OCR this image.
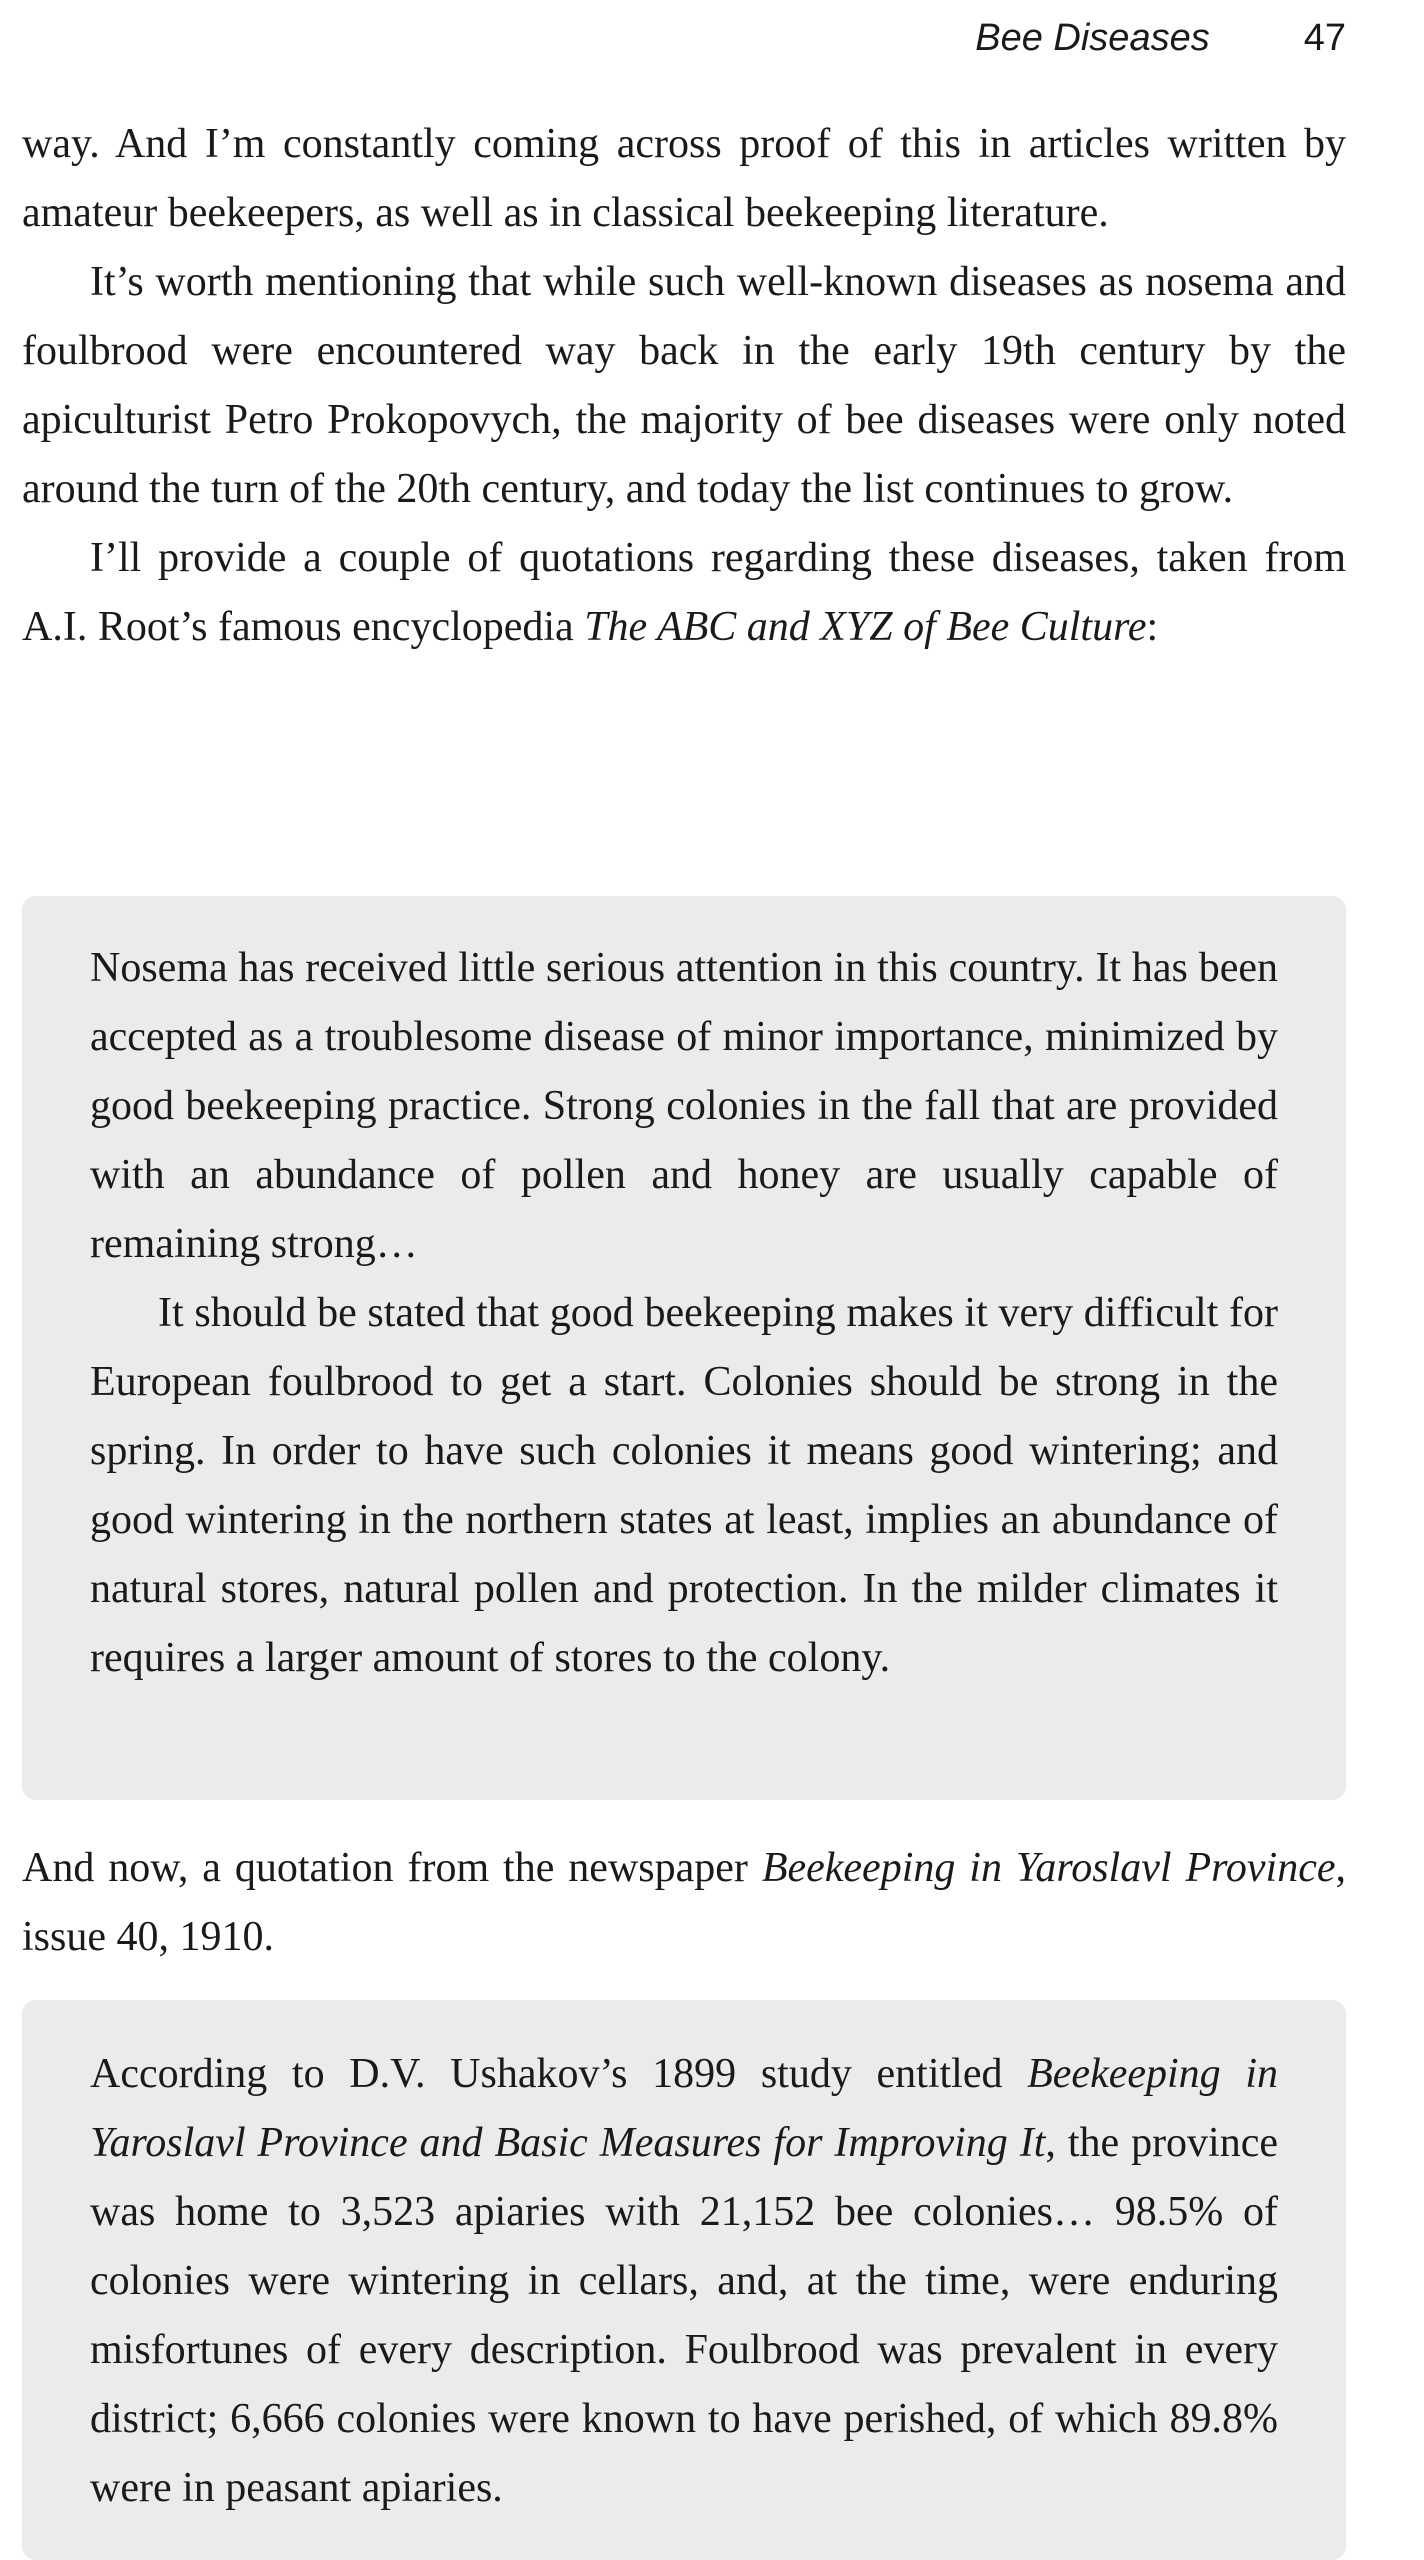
Bee Diseases 47

way. And I’m constantly coming across proof of this in articles written by amateur beekeepers, as well as in classical beekeeping literature.

It’s worth mentioning that while such well-known diseases as nosema and foulbrood were encountered way back in the early 19th century by the apiculturist Petro Prokopovych, the majority of bee diseases were only noted around the turn of the 20th century, and today the list continues to grow.

I’ll provide a couple of quotations regarding these diseases, taken from A.I. Root’s famous encyclopedia The ABC and XYZ of Bee Culture:

Nosema has received little serious attention in this country. It has been accepted as a troublesome disease of minor importance, minimized by good beekeeping practice. Strong colonies in the fall that are provided with an abundance of pollen and honey are usually capable of remaining strong…

It should be stated that good beekeeping makes it very difficult for European foulbrood to get a start. Colonies should be strong in the spring. In order to have such colonies it means good wintering; and good wintering in the northern states at least, implies an abundance of natural stores, natural pollen and protection. In the milder climates it requires a larger amount of stores to the colony.

And now, a quotation from the newspaper Beekeeping in Yaroslavl Province, issue 40, 1910.

According to D.V. Ushakov’s 1899 study entitled Beekeeping in Yaroslavl Province and Basic Measures for Improving It, the province was home to 3,523 apiaries with 21,152 bee colonies… 98.5% of colonies were wintering in cellars, and, at the time, were enduring misfortunes of every description. Foulbrood was prevalent in every district; 6,666 colonies were known to have perished, of which 89.8% were in peasant apiaries.
